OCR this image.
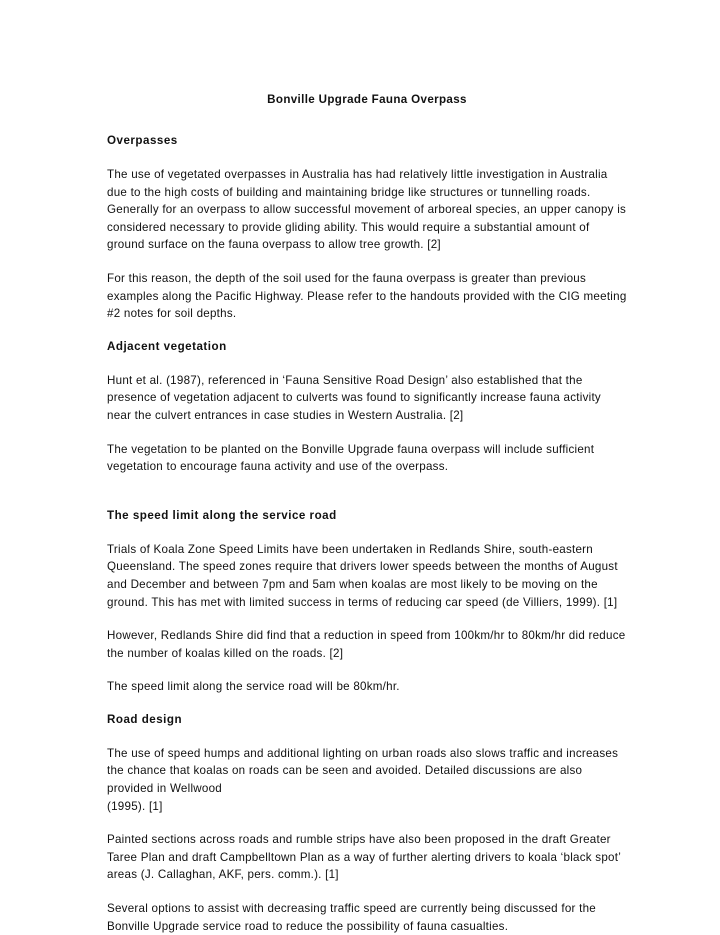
Bonville Upgrade Fauna Overpass
Overpasses

The use of vegetated overpasses in Australia has had relatively little investigation in Australia due to the high costs of building and maintaining bridge like structures or tunnelling roads. Generally for an overpass to allow successful movement of arboreal species, an upper canopy is considered necessary to provide gliding ability. This would require a substantial amount of ground surface on the fauna overpass to allow tree growth. [2]

For this reason, the depth of the soil used for the fauna overpass is greater than previous examples along the Pacific Highway. Please refer to the handouts provided with the CIG meeting #2 notes for soil depths.

Adjacent vegetation

Hunt et al. (1987), referenced in ‘Fauna Sensitive Road Design’ also established that the presence of vegetation adjacent to culverts was found to significantly increase fauna activity near the culvert entrances in case studies in Western Australia. [2]

The vegetation to be planted on the Bonville Upgrade fauna overpass will include sufficient vegetation to encourage fauna activity and use of the overpass.

The speed limit along the service road

Trials of Koala Zone Speed Limits have been undertaken in Redlands Shire, south-eastern Queensland. The speed zones require that drivers lower speeds between the months of August and December and between 7pm and 5am when koalas are most likely to be moving on the ground. This has met with limited success in terms of reducing car speed (de Villiers, 1999). [1]

However, Redlands Shire did find that a reduction in speed from 100km/hr to 80km/hr did reduce the number of koalas killed on the roads. [2]

The speed limit along the service road will be 80km/hr.

Road design

The use of speed humps and additional lighting on urban roads also slows traffic and increases the chance that koalas on roads can be seen and avoided. Detailed discussions are also provided in Wellwood

(1995). [1]

Painted sections across roads and rumble strips have also been proposed in the draft Greater Taree Plan and draft Campbelltown Plan as a way of further alerting drivers to koala ‘black spot’ areas (J. Callaghan, AKF, pers. comm.). [1]

Several options to assist with decreasing traffic speed are currently being discussed for the Bonville Upgrade service road to reduce the possibility of fauna casualties.
